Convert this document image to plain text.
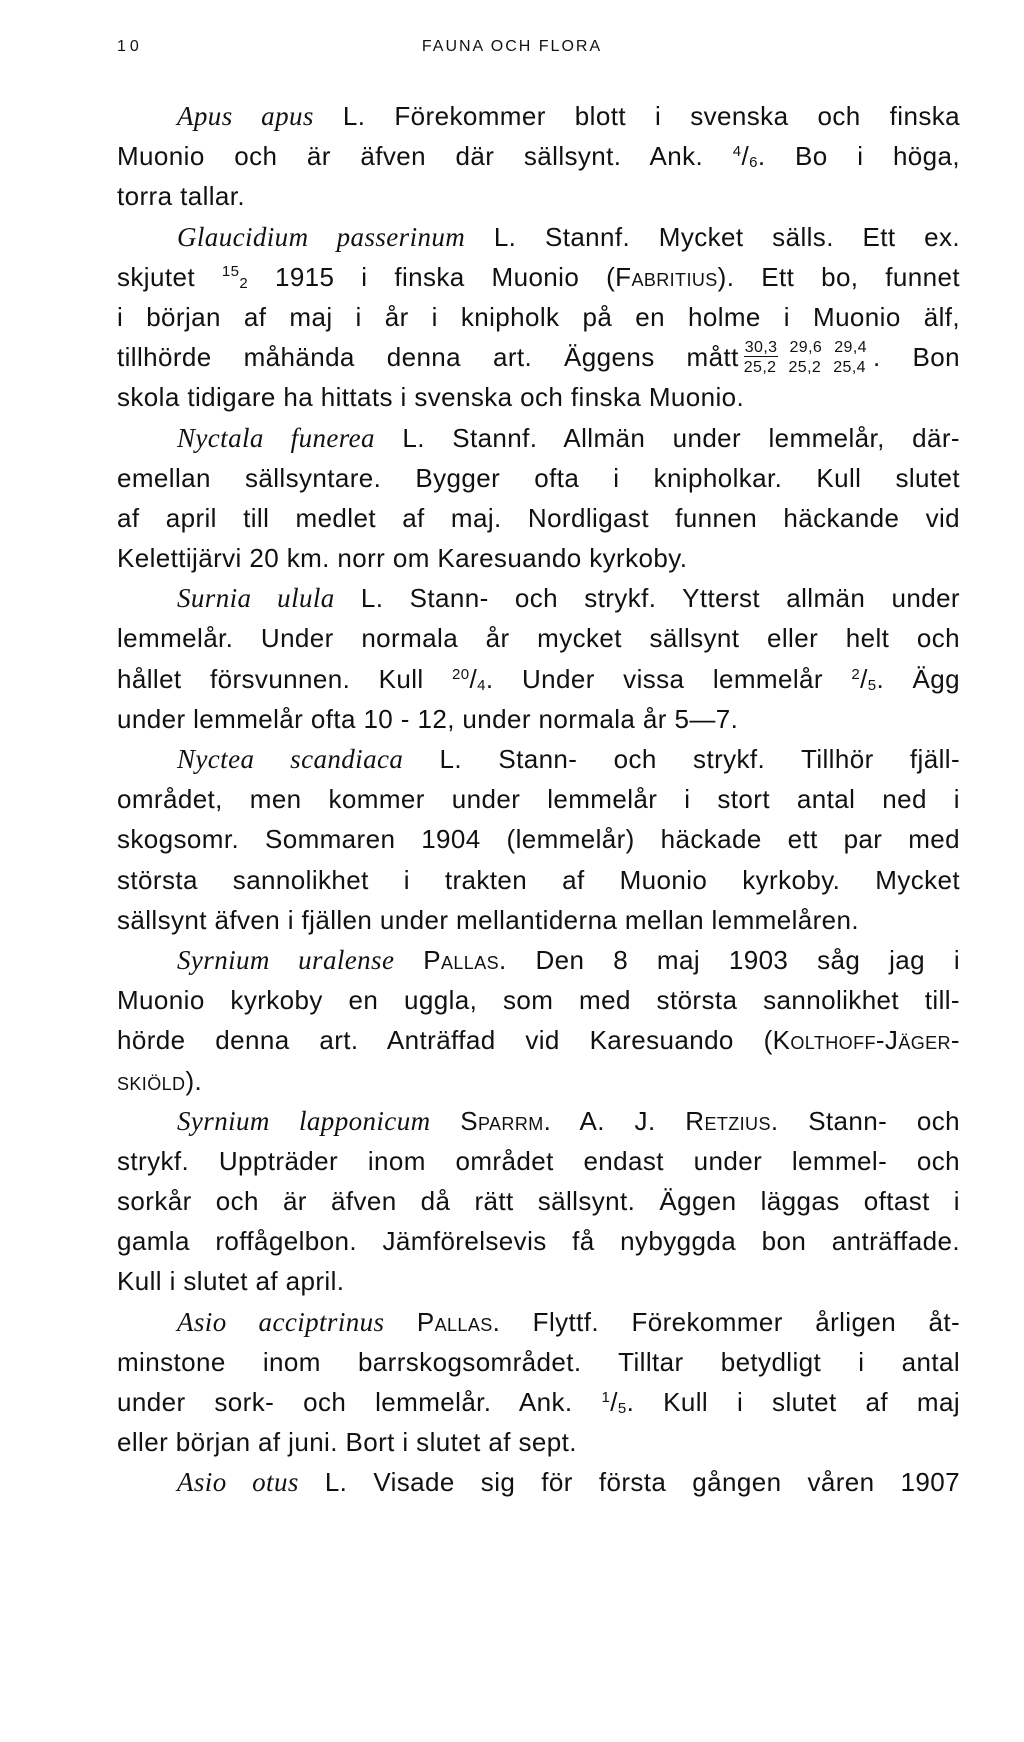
10	FAUNA OCH FLORA
Apus apus L. Förekommer blott i svenska och finska
Muonio och är äfven där sällsynt. Ank. $^4$/6. Bo i höga,
torra tallar.
Glaucidium passerinum L. Stannf. Mycket sälls. Ett ex.
skjutet $^{15}$2 1915 i finska Muonio (Fabritius). Ett bo, funnet
i början af maj i år i knipholk på en holme i Muonio älf,
tillhörde måhända denna art. Äggens mått $\frac{30,3}{25,2} 29,6$
25,2
29,4
25,4 . Bon
skola tidigare ha hittats i svenska och finska Muonio.
Nyctala funerea L. Stannf. Allmän under lemmelår, där-
emellan sällsyntare. Bygger ofta i knipholkar. Kull slutet
af april till medlet af maj. Nordligast funnen häckande vid
Kelettijärvi 20 km. norr om Karesuando kyrkoby.
Surnia ulula L. Stann- och strykf. Ytterst allmän under
lemmelår. Under normala år mycket sällsynt eller helt och
hållet försvunnen. Kull $^{20}$/4. Under vissa lemmelår $^2$/5. Ägg
under lemmelår ofta 10 - 12, under normala år 5—7.
Nyctea scandiaca L. Stann- och strykf. Tillhör fjäll-
området, men kommer under lemmelår i stort antal ned i
skogsomr. Sommaren 1904 (lemmelår) häckade ett par med
största sannolikhet i trakten af Muonio kyrkoby. Mycket
sällsynt äfven i fjällen under mellantiderna mellan lemmelåren.
Syrnium uralense Pallas. Den 8 maj 1903 såg jag i
Muonio kyrkoby en uggla, som med största sannolikhet till-
hörde denna art. Anträffad vid Karesuando (Kolthoff-Jäger-
skiöld).
Syrnium lapponicum Sparrm. A. J. Retzius. Stann- och
strykf. Uppträder inom området endast under lemmel- och
sorkår och är äfven då rätt sällsynt. Äggen läggas oftast i
gamla roffågelbon. Jämförelsevis få nybyggda bon anträffade.
Kull i slutet af april.
Asio acciptrinus Pallas. Flyttf. Förekommer årligen åt-
minstone inom barrskogsområdet. Tilltar betydligt i antal
under sork- och lemmelår. Ank. $^1$/5. Kull i slutet af maj
eller början af juni. Bort i slutet af sept.
Asio otus L. Visade sig för första gången våren 1907
